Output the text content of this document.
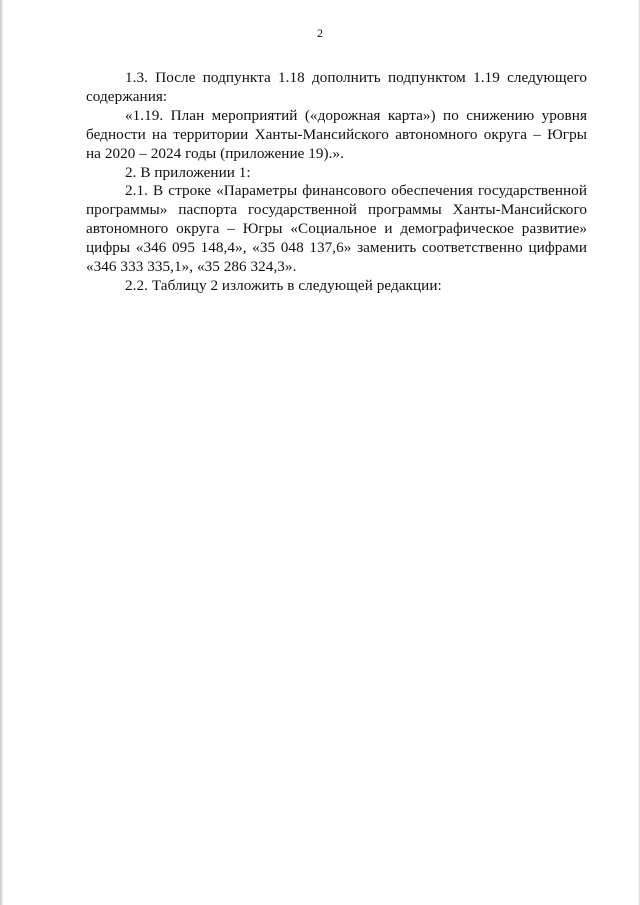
2

1.3. После подпункта 1.18 дополнить подпунктом 1.19 следующего
содержания:

«1.19. План мероприятий («дорожная карта») по снижению уровня
бедности на территории Ханты-Мансийского автономного округа – Югры
на 2020 – 2024 годы (приложение 19).».

2. В приложении 1:

2.1. В строке «Параметры финансового обеспечения государственной
программы» паспорта государственной программы Ханты-Мансийского
автономного округа – Югры «Социальное и демографическое развитие»
цифры «346 095 148,4», «35 048 137,6» заменить соответственно цифрами
«346 333 335,1», «35 286 324,3».

2.2. Таблицу 2 изложить в следующей редакции:
